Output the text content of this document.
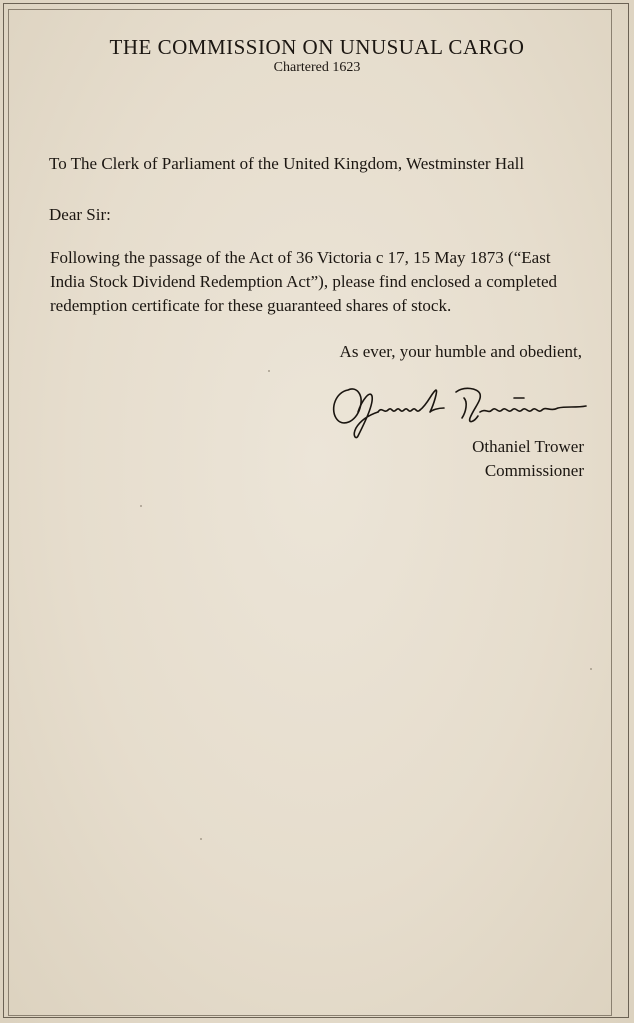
THE COMMISSION ON UNUSUAL CARGO
Chartered 1623
To The Clerk of Parliament of the United Kingdom, Westminster Hall
Dear Sir:
Following the passage of the Act of 36 Victoria c 17, 15 May 1873 (“East India Stock Dividend Redemption Act”), please find enclosed a completed redemption certificate for these guaranteed shares of stock.
As ever, your humble and obedient,
Othaniel Trower
Commissioner
